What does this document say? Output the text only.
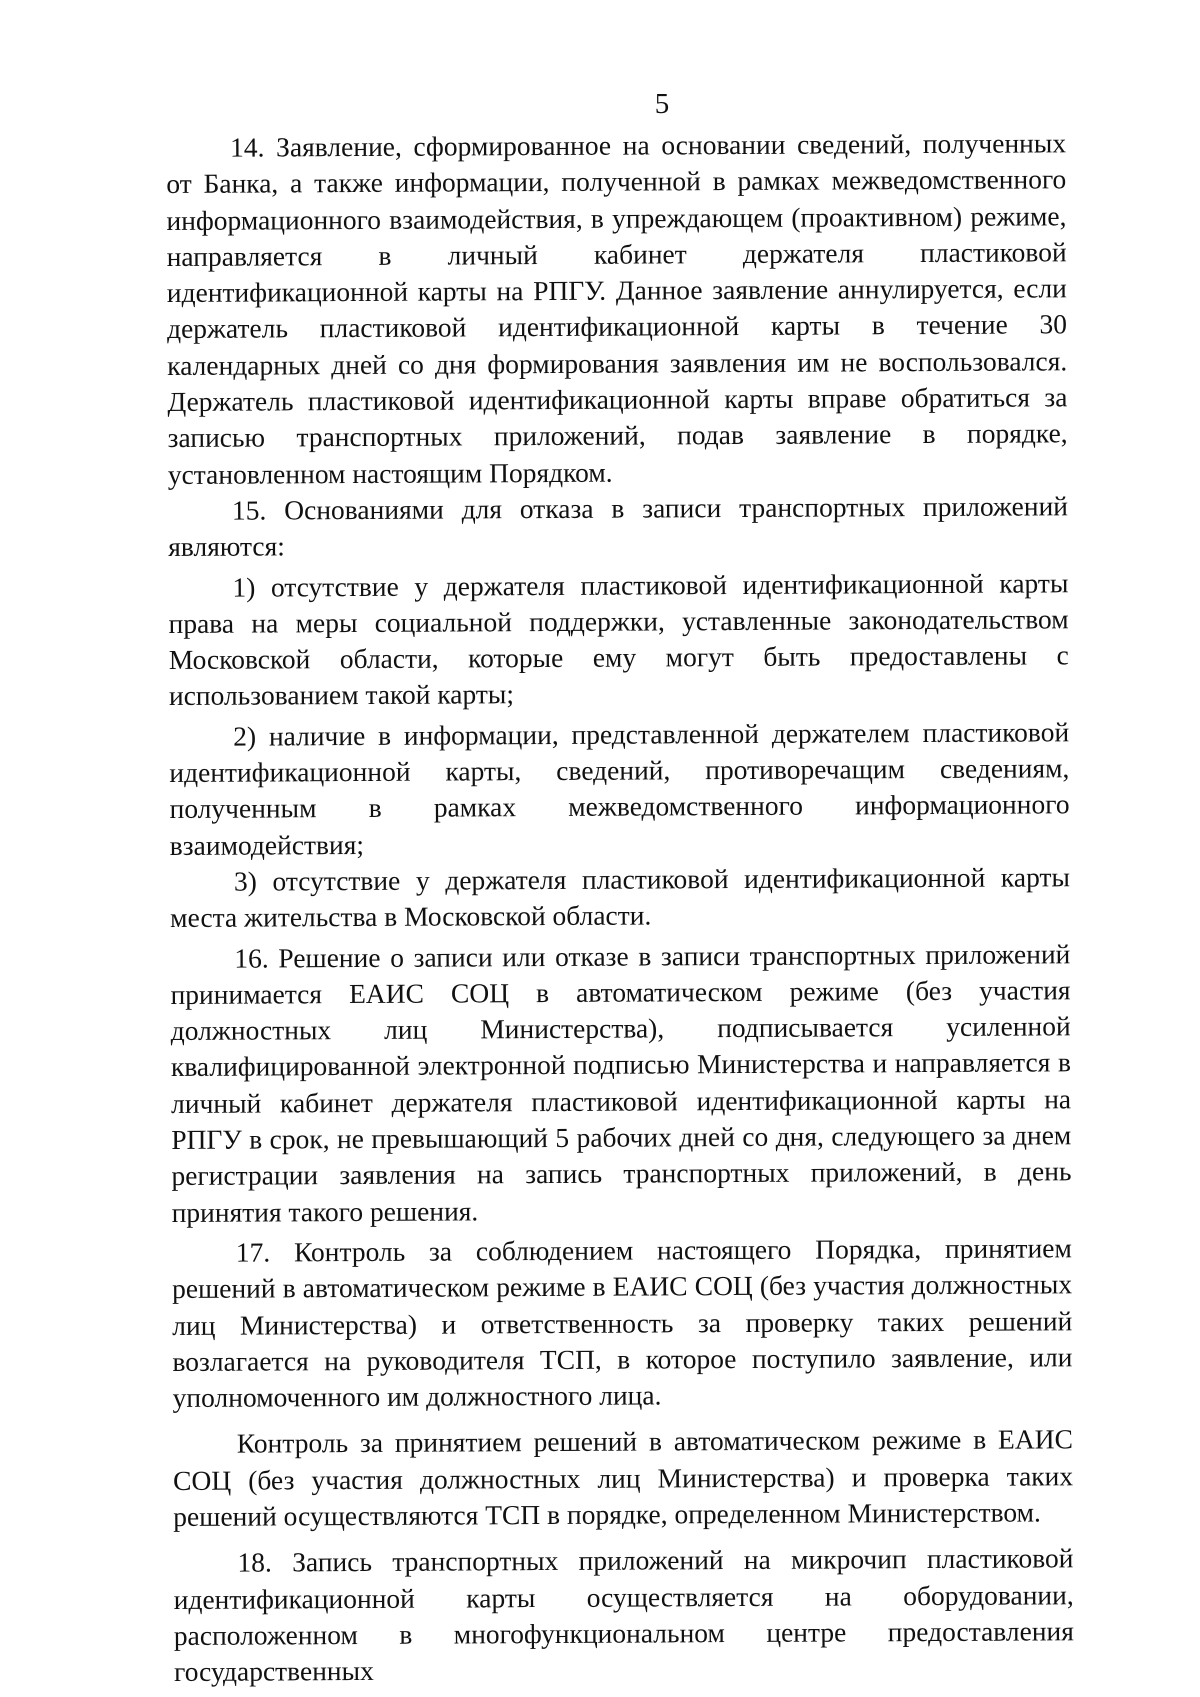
5

14. Заявление, сформированное на основании сведений, полученных от Банка, а также информации, полученной в рамках межведомственного информационного взаимодействия, в упреждающем (проактивном) режиме, направляется в личный кабинет держателя пластиковой идентификационной карты на РПГУ. Данное заявление аннулируется, если держатель пластиковой идентификационной карты в течение 30 календарных дней со дня формирования заявления им не воспользовался. Держатель пластиковой идентификационной карты вправе обратиться за записью транспортных приложений, подав заявление в порядке, установленном настоящим Порядком.

15. Основаниями для отказа в записи транспортных приложений являются:

1) отсутствие у держателя пластиковой идентификационной карты права на меры социальной поддержки, уставленные законодательством Московской области, которые ему могут быть предоставлены с использованием такой карты;

2) наличие в информации, представленной держателем пластиковой идентификационной карты, сведений, противоречащим сведениям, полученным в рамках межведомственного информационного взаимодействия;

3) отсутствие у держателя пластиковой идентификационной карты места жительства в Московской области.

16. Решение о записи или отказе в записи транспортных приложений принимается ЕАИС СОЦ в автоматическом режиме (без участия должностных лиц Министерства), подписывается усиленной квалифицированной электронной подписью Министерства и направляется в личный кабинет держателя пластиковой идентификационной карты на РПГУ в срок, не превышающий 5 рабочих дней со дня, следующего за днем регистрации заявления на запись транспортных приложений, в день принятия такого решения.

17. Контроль за соблюдением настоящего Порядка, принятием решений в автоматическом режиме в ЕАИС СОЦ (без участия должностных лиц Министерства) и ответственность за проверку таких решений возлагается на руководителя ТСП, в которое поступило заявление, или уполномоченного им должностного лица.

Контроль за принятием решений в автоматическом режиме в ЕАИС СОЦ (без участия должностных лиц Министерства) и проверка таких решений осуществляются ТСП в порядке, определенном Министерством.

18. Запись транспортных приложений на микрочип пластиковой идентификационной карты осуществляется на оборудовании, расположенном в многофункциональном центре предоставления государственных
